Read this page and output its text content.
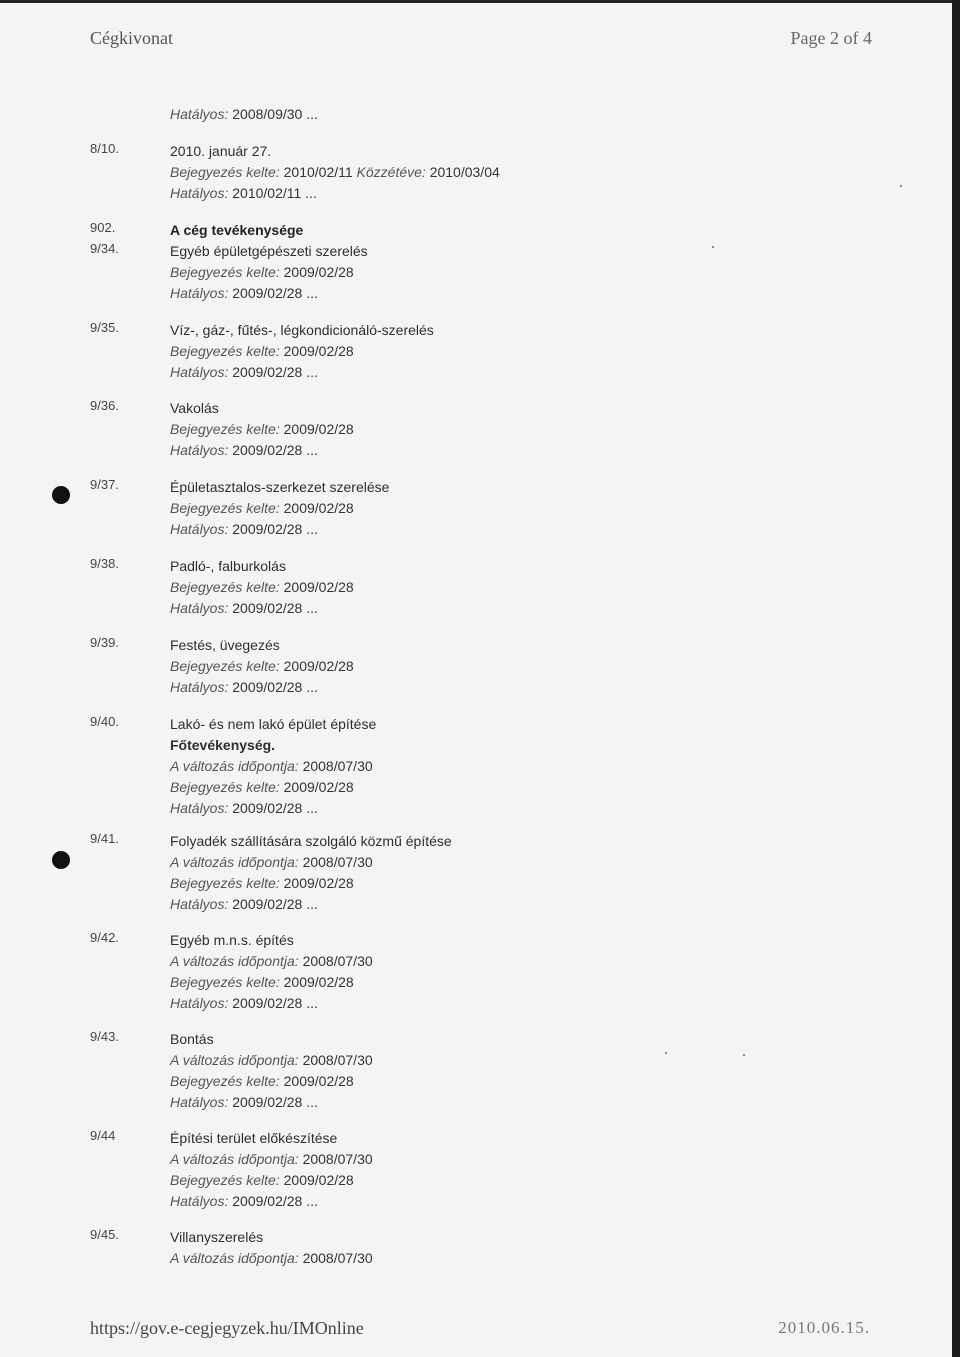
Cégkivonat	Page 2 of 4
Hatályos: 2008/09/30 ...
8/10.	2010. január 27.
Bejegyezés kelte: 2010/02/11 Közzétéve: 2010/03/04
Hatályos: 2010/02/11 ...
902.	A cég tevékenysége
9/34.	Egyéb épületgépészeti szerelés
Bejegyezés kelte: 2009/02/28
Hatályos: 2009/02/28 ...
9/35.	Víz-, gáz-, fűtés-, légkondicionáló-szerelés
Bejegyezés kelte: 2009/02/28
Hatályos: 2009/02/28 ...
9/36.	Vakolás
Bejegyezés kelte: 2009/02/28
Hatályos: 2009/02/28 ...
9/37.	Épületasztalos-szerkezet szerelése
Bejegyezés kelte: 2009/02/28
Hatályos: 2009/02/28 ...
9/38.	Padló-, falburkolás
Bejegyezés kelte: 2009/02/28
Hatályos: 2009/02/28 ...
9/39.	Festés, üvegezés
Bejegyezés kelte: 2009/02/28
Hatályos: 2009/02/28 ...
9/40.	Lakó- és nem lakó épület építése
Főtevékenység.
A változás időpontja: 2008/07/30
Bejegyezés kelte: 2009/02/28
Hatályos: 2009/02/28 ...
9/41.	Folyadék szállítására szolgáló közmű építése
A változás időpontja: 2008/07/30
Bejegyezés kelte: 2009/02/28
Hatályos: 2009/02/28 ...
9/42.	Egyéb m.n.s. építés
A változás időpontja: 2008/07/30
Bejegyezés kelte: 2009/02/28
Hatályos: 2009/02/28 ...
9/43.	Bontás
A változás időpontja: 2008/07/30
Bejegyezés kelte: 2009/02/28
Hatályos: 2009/02/28 ...
9/44	Építési terület előkészítése
A változás időpontja: 2008/07/30
Bejegyezés kelte: 2009/02/28
Hatályos: 2009/02/28 ...
9/45.	Villanyszerelés
A változás időpontja: 2008/07/30
https://gov.e-cegjegyzek.hu/IMOnline	2010.06.15.
